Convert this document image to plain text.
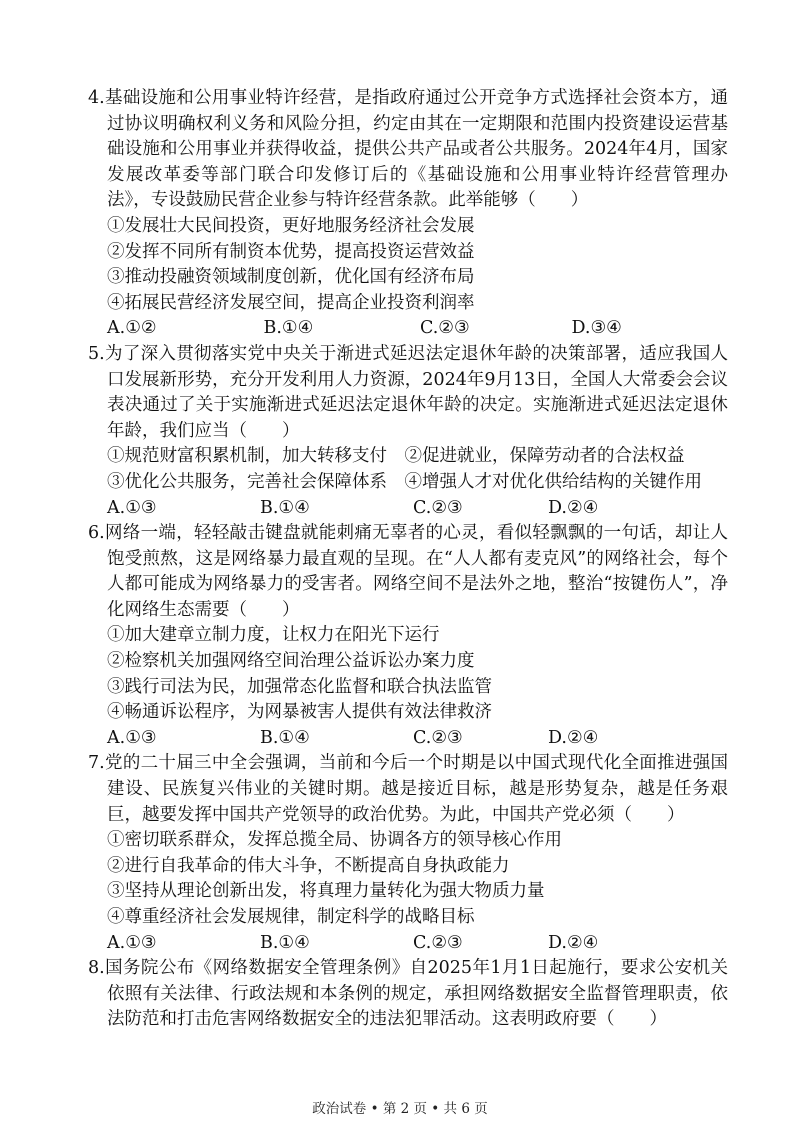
4.基础设施和公用事业特许经营，是指政府通过公开竞争方式选择社会资本方，通过协议明确权利义务和风险分担，约定由其在一定期限和范围内投资建设运营基础设施和公用事业并获得收益，提供公共产品或者公共服务。2024年4月，国家发展改革委等部门联合印发修订后的《基础设施和公用事业特许经营管理办法》，专设鼓励民营企业参与特许经营条款。此举能够（　　）

①发展壮大民间投资，更好地服务经济社会发展

②发挥不同所有制资本优势，提高投资运营效益

③推动投融资领域制度创新，优化国有经济布局

④拓展民营经济发展空间，提高企业投资利润率

A.①②	B.①④	C.②③	D.③④

5.为了深入贯彻落实党中央关于渐进式延迟法定退休年龄的决策部署，适应我国人口发展新形势，充分开发利用人力资源，2024年9月13日，全国人大常委会会议表决通过了关于实施渐进式延迟法定退休年龄的决定。实施渐进式延迟法定退休年龄，我们应当（　　）

①规范财富积累机制，加大转移支付　②促进就业，保障劳动者的合法权益

③优化公共服务，完善社会保障体系　④增强人才对优化供给结构的关键作用

A.①③	B.①④	C.②③	D.②④

6.网络一端，轻轻敲击键盘就能刺痛无辜者的心灵，看似轻飘飘的一句话，却让人饱受煎熬，这是网络暴力最直观的呈现。在“人人都有麦克风”的网络社会，每个人都可能成为网络暴力的受害者。网络空间不是法外之地，整治“按键伤人”，净化网络生态需要（　　）

①加大建章立制力度，让权力在阳光下运行

②检察机关加强网络空间治理公益诉讼办案力度

③践行司法为民，加强常态化监督和联合执法监管

④畅通诉讼程序，为网暴被害人提供有效法律救济

A.①③	B.①④	C.②③	D.②④

7.党的二十届三中全会强调，当前和今后一个时期是以中国式现代化全面推进强国建设、民族复兴伟业的关键时期。越是接近目标，越是形势复杂，越是任务艰巨，越要发挥中国共产党领导的政治优势。为此，中国共产党必须（　　）

①密切联系群众，发挥总揽全局、协调各方的领导核心作用

②进行自我革命的伟大斗争，不断提高自身执政能力

③坚持从理论创新出发，将真理力量转化为强大物质力量

④尊重经济社会发展规律，制定科学的战略目标

A.①③	B.①④	C.②③	D.②④

8.国务院公布《网络数据安全管理条例》自2025年1月1日起施行，要求公安机关依照有关法律、行政法规和本条例的规定，承担网络数据安全监督管理职责，依法防范和打击危害网络数据安全的违法犯罪活动。这表明政府要（　　）

政治试卷 • 第 2 页 • 共 6 页
